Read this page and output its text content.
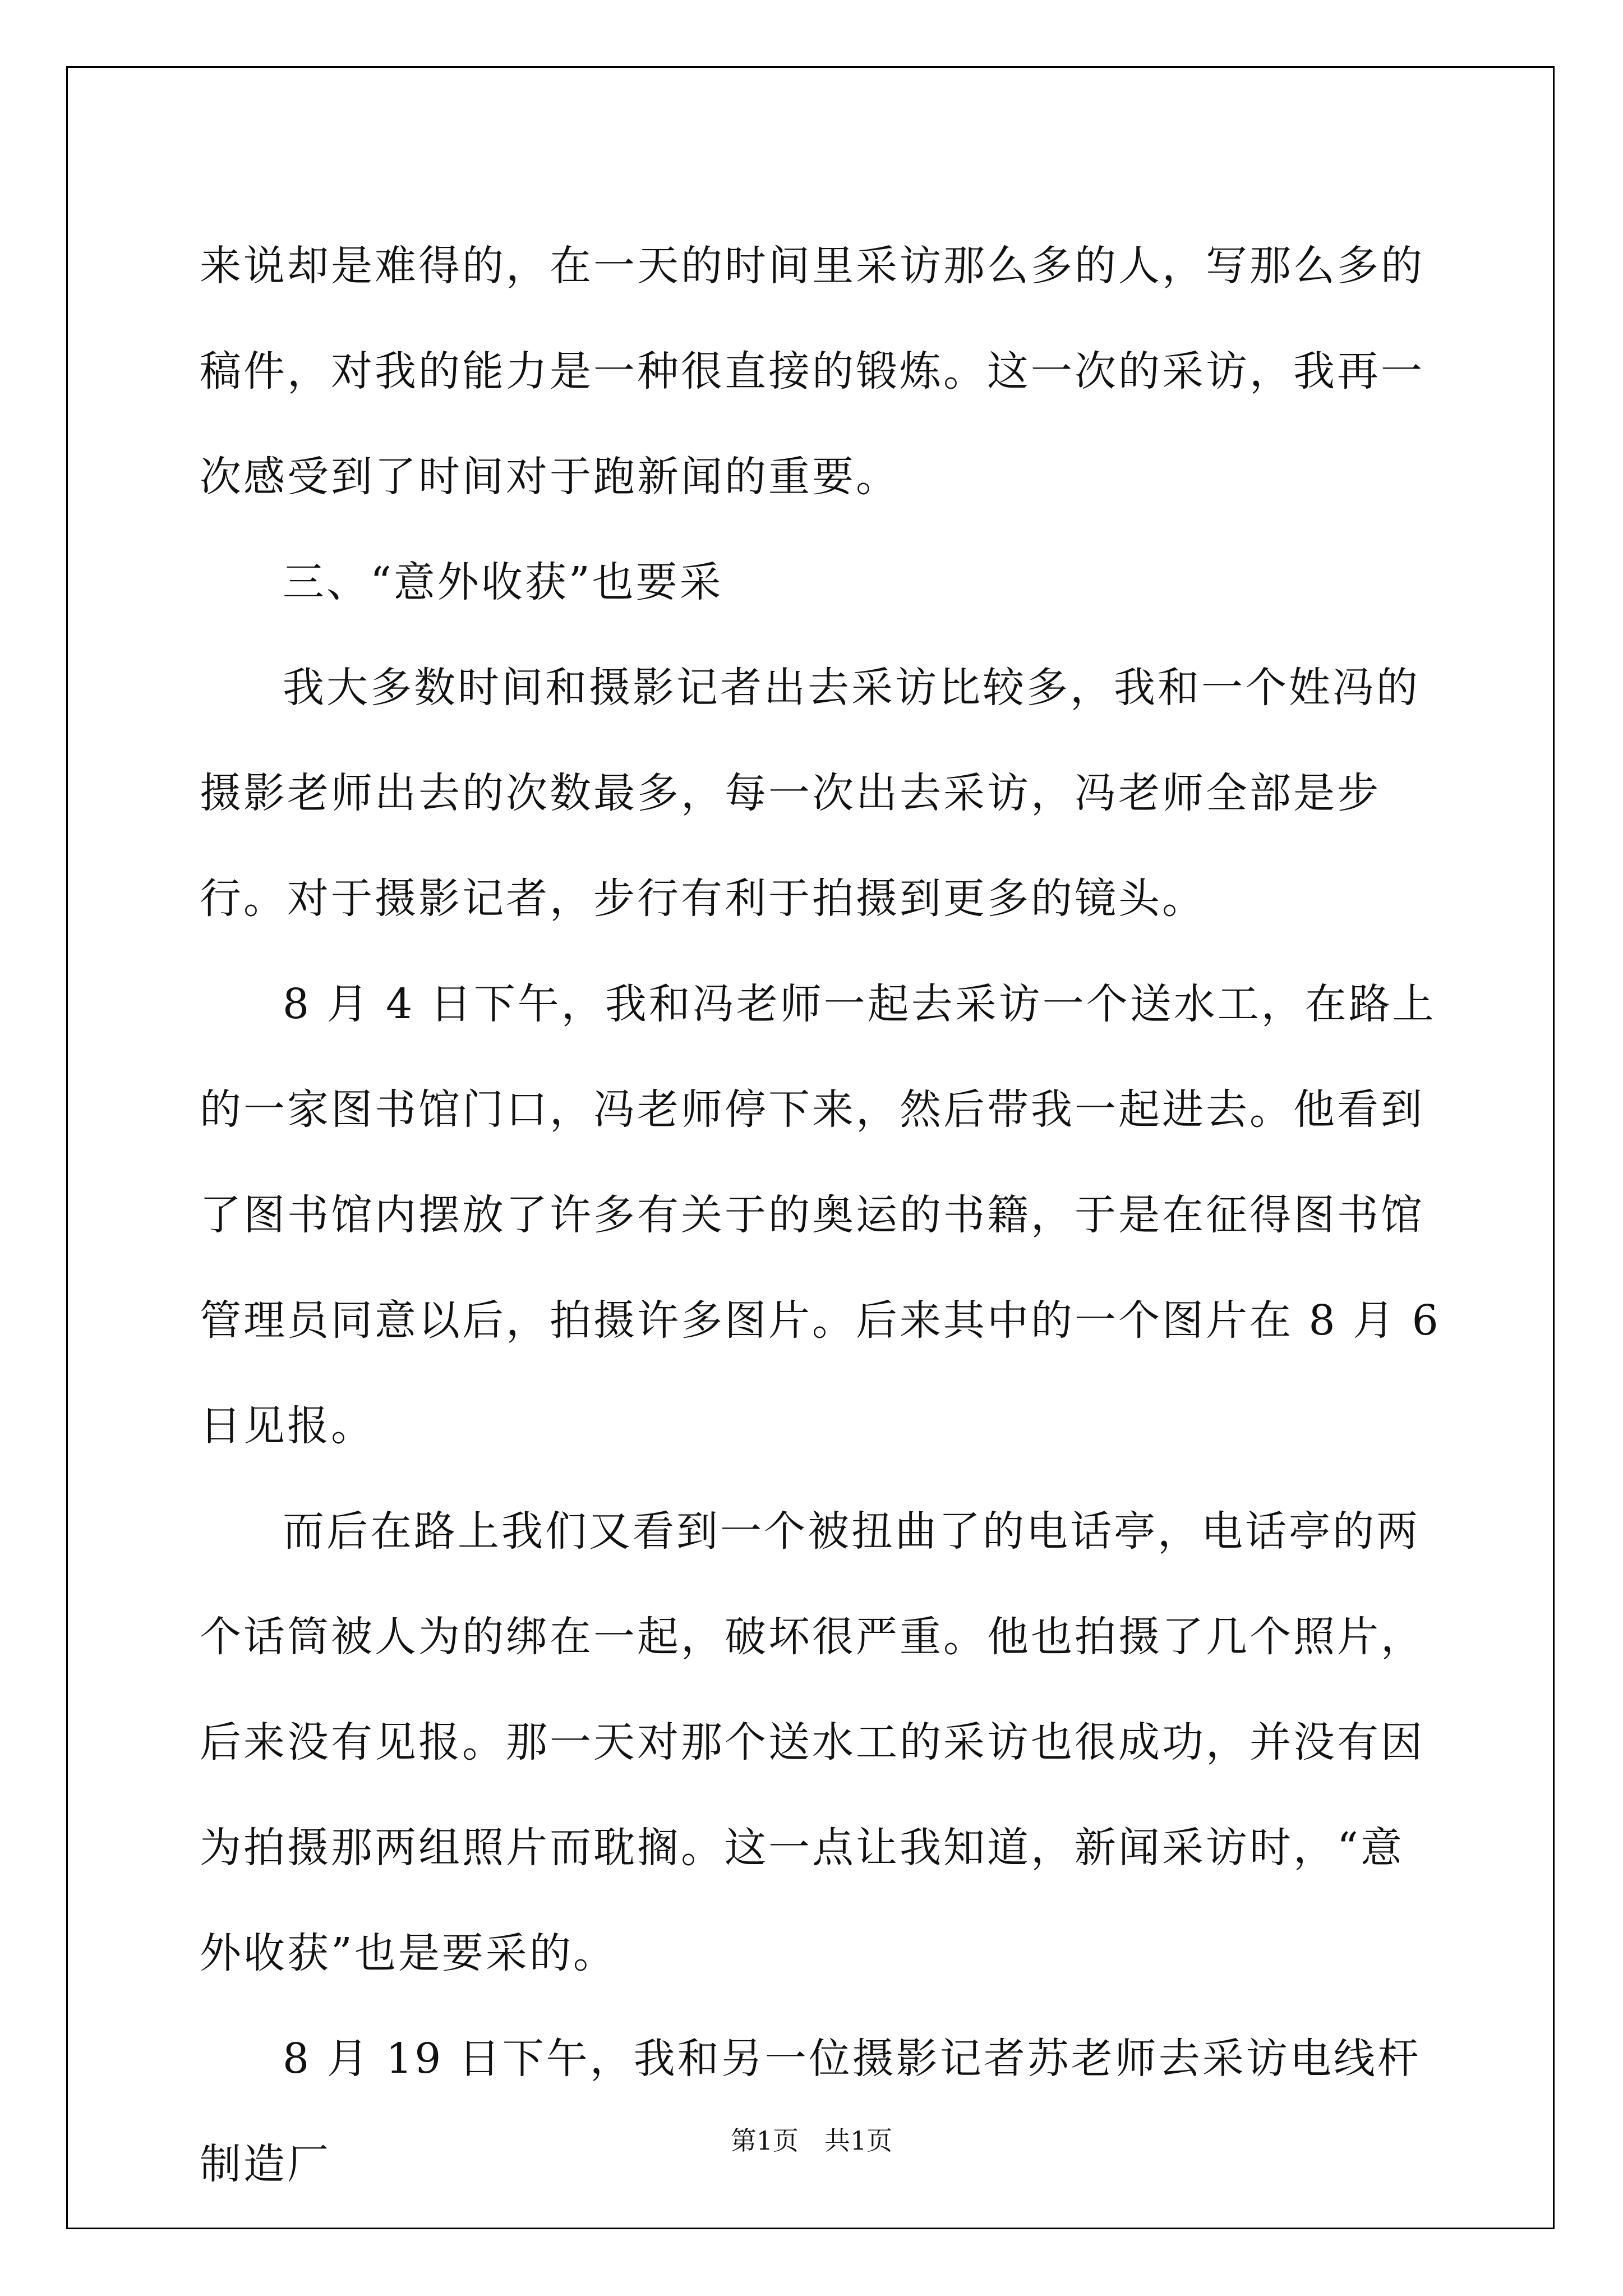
来说却是难得的，在一天的时间里采访那么多的人，写那么多的稿件，对我的能力是一种很直接的锻炼。这一次的采访，我再一次感受到了时间对于跑新闻的重要。

三、“意外收获”也要采

我大多数时间和摄影记者出去采访比较多，我和一个姓冯的摄影老师出去的次数最多，每一次出去采访，冯老师全部是步行。对于摄影记者，步行有利于拍摄到更多的镜头。

8 月 4 日下午，我和冯老师一起去采访一个送水工，在路上的一家图书馆门口，冯老师停下来，然后带我一起进去。他看到了图书馆内摆放了许多有关于的奥运的书籍，于是在征得图书馆管理员同意以后，拍摄许多图片。后来其中的一个图片在 8 月 6 日见报。

而后在路上我们又看到一个被扭曲了的电话亭，电话亭的两个话筒被人为的绑在一起，破坏很严重。他也拍摄了几个照片，后来没有见报。那一天对那个送水工的采访也很成功，并没有因为拍摄那两组照片而耽搁。这一点让我知道，新闻采访时，“意外收获”也是要采的。

8 月 19 日下午，我和另一位摄影记者苏老师去采访电线杆制造厂	第1页　共1页
